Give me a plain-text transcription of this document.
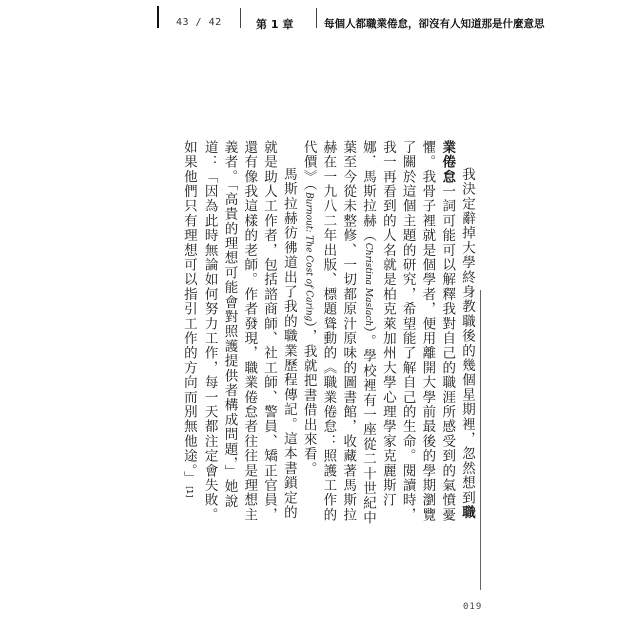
43 / 42	第 1 章	每個人都職業倦怠，卻沒有人知道那是什麼意思

我決定辭掉大學終身教職後的幾個星期裡，忽然想到職業倦怠一詞可能可以解釋我對自己的職涯所感受到的氣憤憂懼。我骨子裡就是個學者，便用離開大學前最後的學期瀏覽了關於這個主題的研究，希望能了解自己的生命。閱讀時，我一再看到的人名就是柏克萊加州大學心理學家克麗斯汀娜．馬斯拉赫（Christina Maslach）。學校裡有一座從二十世紀中葉至今從未整修、一切都原汁原味的圖書館，收藏著馬斯拉赫在一九八二年出版、標題聳動的《職業倦怠：照護工作的代價》（Burnout: The Cost of Caring），我就把書借出來看。

馬斯拉赫彷彿道出了我的職業歷程傳記。這本書鎖定的就是助人工作者，包括諮商師、社工師、警員、矯正官員，還有像我這樣的老師。作者發現，職業倦怠者往往是理想主義者。「高貴的理想可能會對照護提供者構成問題，」她說道：「因為此時無論如何努力工作，每一天都注定會失敗。如果他們只有理想可以指引工作的方向而別無他途。」[1]

019
